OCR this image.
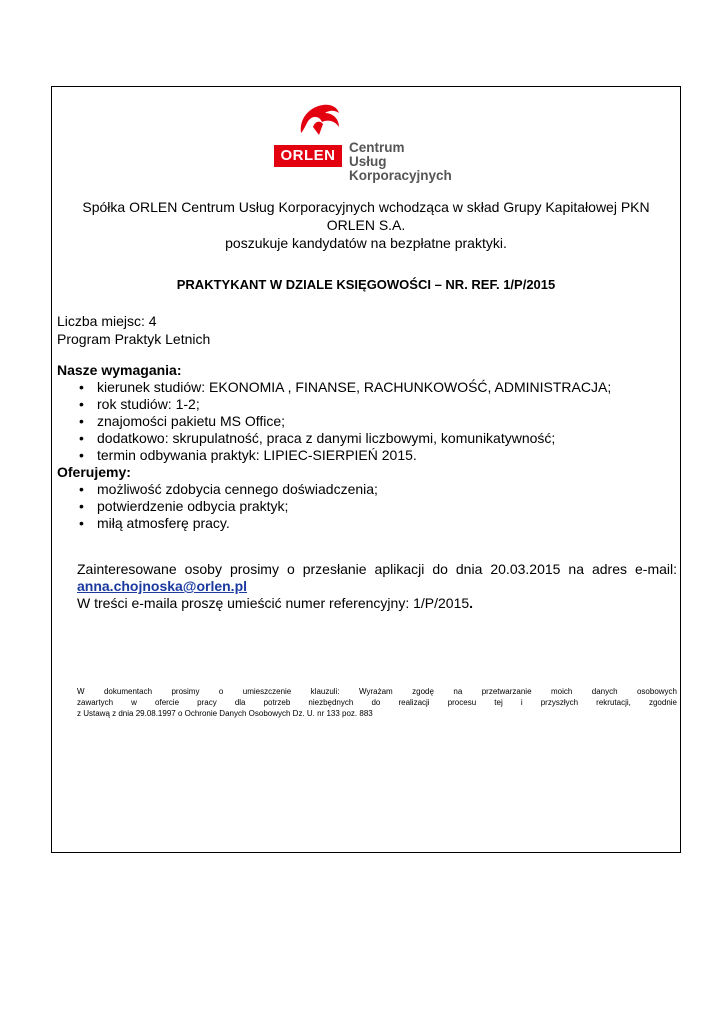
ORLEN	Centrum
Usług
Korporacyjnych
Spółka ORLEN Centrum Usług Korporacyjnych wchodząca w skład Grupy Kapitałowej PKN
ORLEN S.A.
poszukuje kandydatów na bezpłatne praktyki.
PRAKTYKANT W DZIALE KSIĘGOWOŚCI – NR. REF. 1/P/2015
Liczba miejsc: 4
Program Praktyk Letnich
Nasze wymagania:
• kierunek studiów: EKONOMIA , FINANSE, RACHUNKOWOŚĆ, ADMINISTRACJA;
• rok studiów: 1-2;
• znajomości pakietu MS Office;
• dodatkowo: skrupulatność, praca z danymi liczbowymi, komunikatywność;
• termin odbywania praktyk: LIPIEC-SIERPIEŃ 2015.
Oferujemy:
• możliwość zdobycia cennego doświadczenia;
• potwierdzenie odbycia praktyk;
• miłą atmosferę pracy.
Zainteresowane osoby prosimy o przesłanie aplikacji do dnia 20.03.2015 na adres e-mail:
anna.chojnoska@orlen.pl
W treści e-maila proszę umieścić numer referencyjny: 1/P/2015.
W dokumentach prosimy o umieszczenie klauzuli: Wyrażam zgodę na przetwarzanie moich danych osobowych
zawartych w ofercie pracy dla potrzeb niezbędnych do realizacji procesu tej i przyszłych rekrutacji, zgodnie
z Ustawą z dnia 29.08.1997 o Ochronie Danych Osobowych Dz. U. nr 133 poz. 883
